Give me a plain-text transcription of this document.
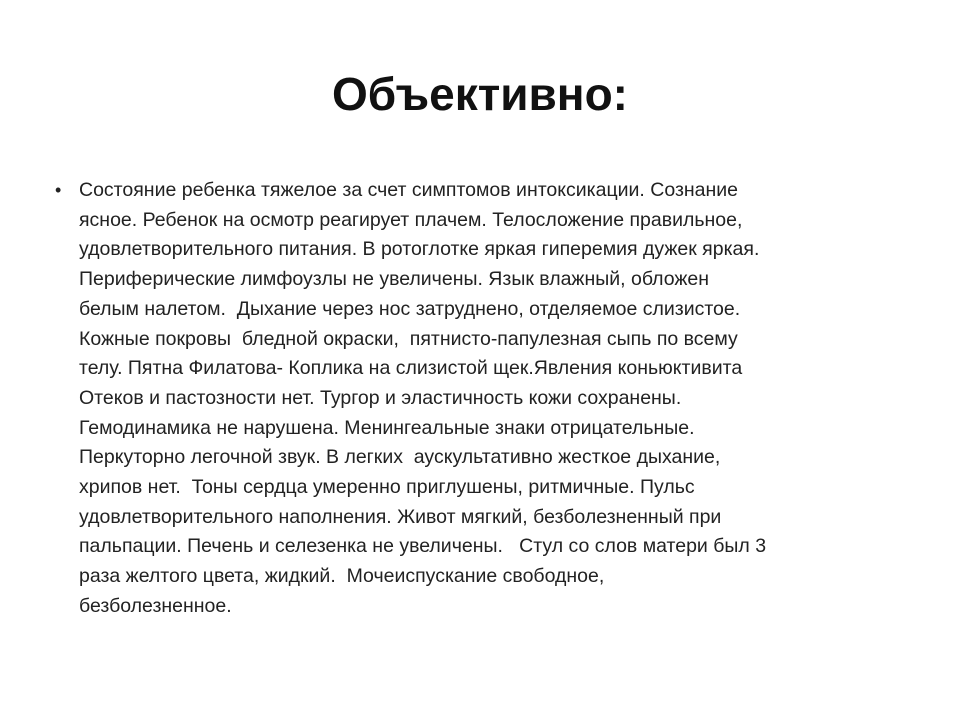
Объективно:
• Состояние ребенка тяжелое за счет симптомов интоксикации. Сознание
ясное. Ребенок на осмотр реагирует плачем. Телосложение правильное,
удовлетворительного питания. В ротоглотке яркая гиперемия дужек яркая.
Периферические лимфоузлы не увеличены. Язык влажный, обложен
белым налетом.  Дыхание через нос затруднено, отделяемое слизистое.
Кожные покровы  бледной окраски,  пятнисто-папулезная сыпь по всему
телу. Пятна Филатова- Коплика на слизистой щек.Явления коньюктивита
Отеков и пастозности нет. Тургор и эластичность кожи сохранены.
Гемодинамика не нарушена. Менингеальные знаки отрицательные.
Перкуторно легочной звук. В легких  аускультативно жесткое дыхание,
хрипов нет.  Тоны сердца умеренно приглушены, ритмичные. Пульс
удовлетворительного наполнения. Живот мягкий, безболезненный при
пальпации. Печень и селезенка не увеличены.   Стул со слов матери был 3
раза желтого цвета, жидкий.  Мочеиспускание свободное,
безболезненное.
